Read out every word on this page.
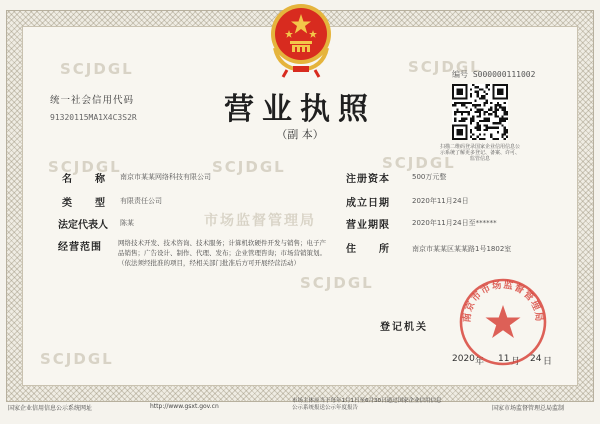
SCJDGL	SCJDGL
SCJDGL	SCJDGL	SCJDGL
SCJDGL
SCJDGL
市场监督管理局
编号 S000000111002
统一社会信用代码
91320115MA1X4C3S2R	营业执照
（副 本）
扫描二维码登录国家企业信用信息公示系统了解更多登记、备案、许可、监管信息
名　　称 南京市某某网络科技有限公司
类　　型 有限责任公司
法定代表人 陈某
经营范围 网络技术开发、技术咨询、技术服务；计算机软硬件开发与销售；电子产品销售；广告设计、制作、代理、发布；企业管理咨询；市场营销策划。（依法须经批准的项目，经相关部门批准后方可开展经营活动）
注册资本	500万元整
成立日期	2020年11月24日
营业期限	2020年11月24日至******
住　　所	南京市某某区某某路1号1802室
登记机关
2020 年 11 月 24 日
南京市市场监督管理局
国家企业信用信息公示系统网址	http://www.gsxt.gov.cn
市场主体应当于每年1月1日至6月30日通过国家企业信用信息公示系统报送公示年度报告	国家市场监督管理总局监制
